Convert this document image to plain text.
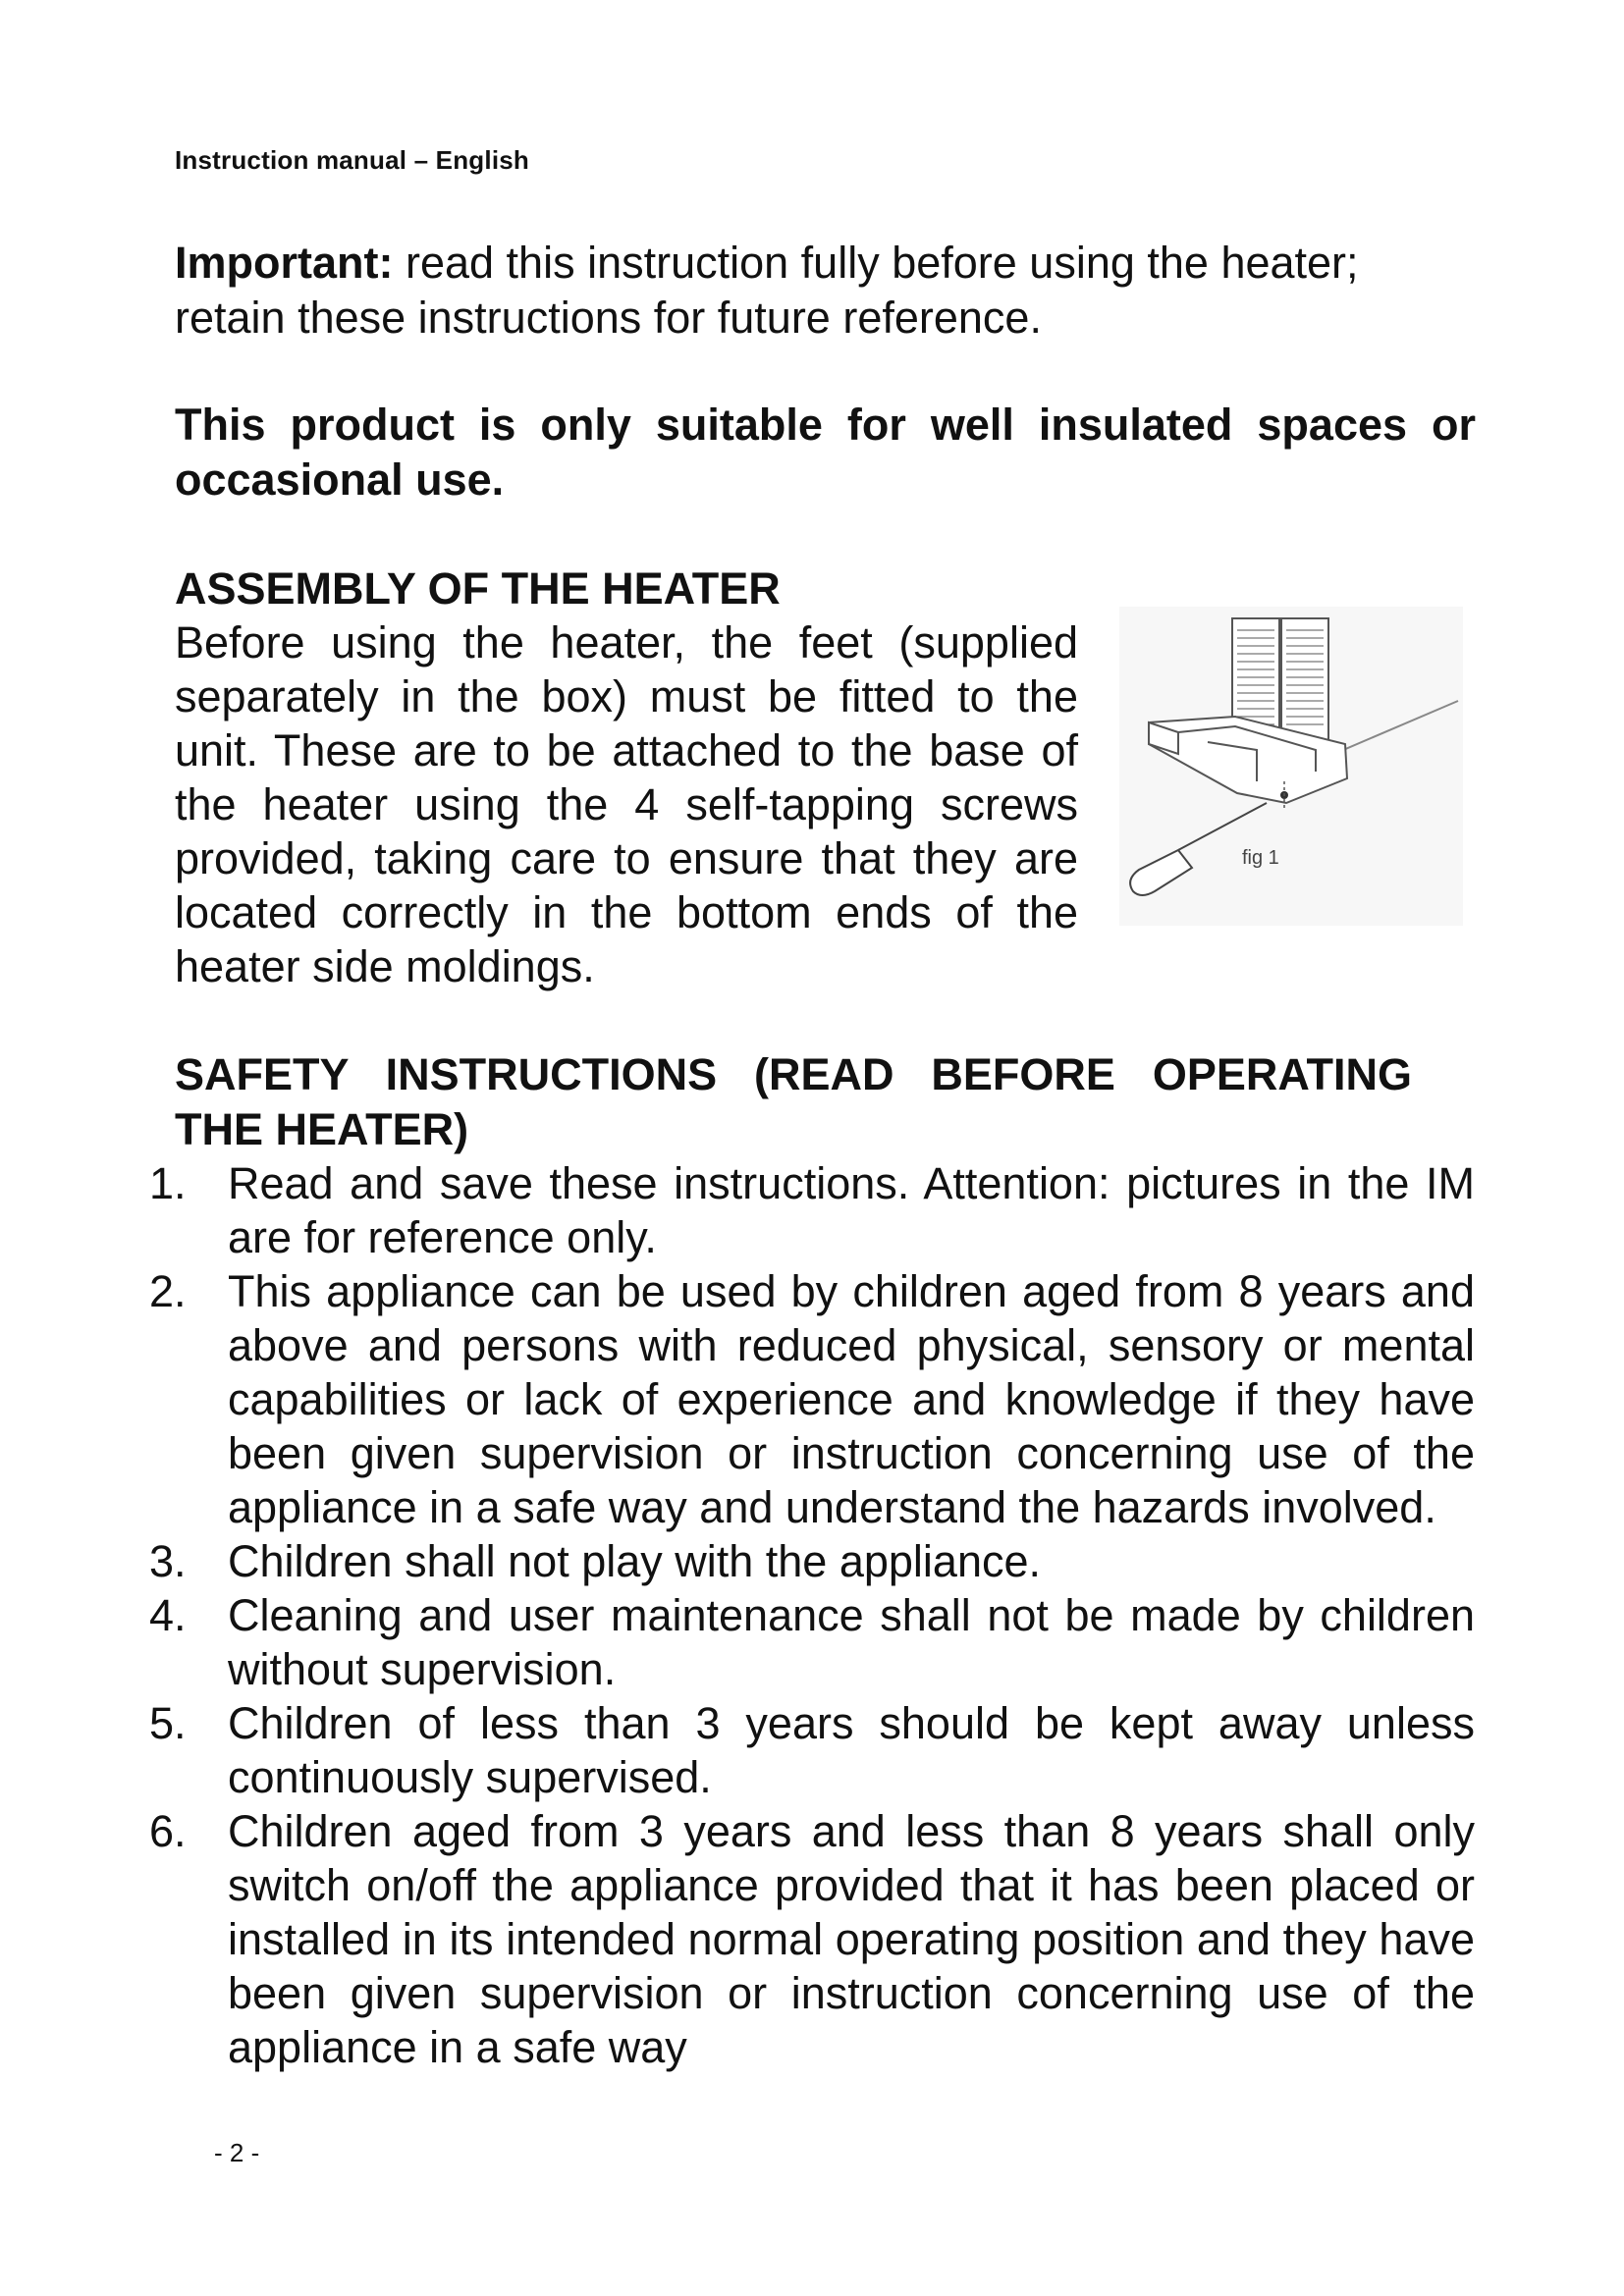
Instruction manual – English
Important: read this instruction fully before using the heater; retain these instructions for future reference.
This product is only suitable for well insulated spaces or occasional use.
ASSEMBLY OF THE HEATER
Before using the heater, the feet (supplied separately in the box) must be fitted to the unit. These are to be attached to the base of the heater using the 4 self-tapping screws provided, taking care to ensure that they are located correctly in the bottom ends of the heater side moldings.
fig 1
SAFETY INSTRUCTIONS (READ BEFORE OPERATING THE HEATER)
1. Read and save these instructions. Attention: pictures in the IM are for reference only.
2. This appliance can be used by children aged from 8 years and above and persons with reduced physical, sensory or mental capabilities or lack of experience and knowledge if they have been given supervision or instruction concerning use of the appliance in a safe way and understand the hazards involved.
3. Children shall not play with the appliance.
4. Cleaning and user maintenance shall not be made by children without supervision.
5. Children of less than 3 years should be kept away unless continuously supervised.
6. Children aged from 3 years and less than 8 years shall only switch on/off the appliance provided that it has been placed or installed in its intended normal operating position and they have been given supervision or instruction concerning use of the appliance in a safe way
- 2 -
